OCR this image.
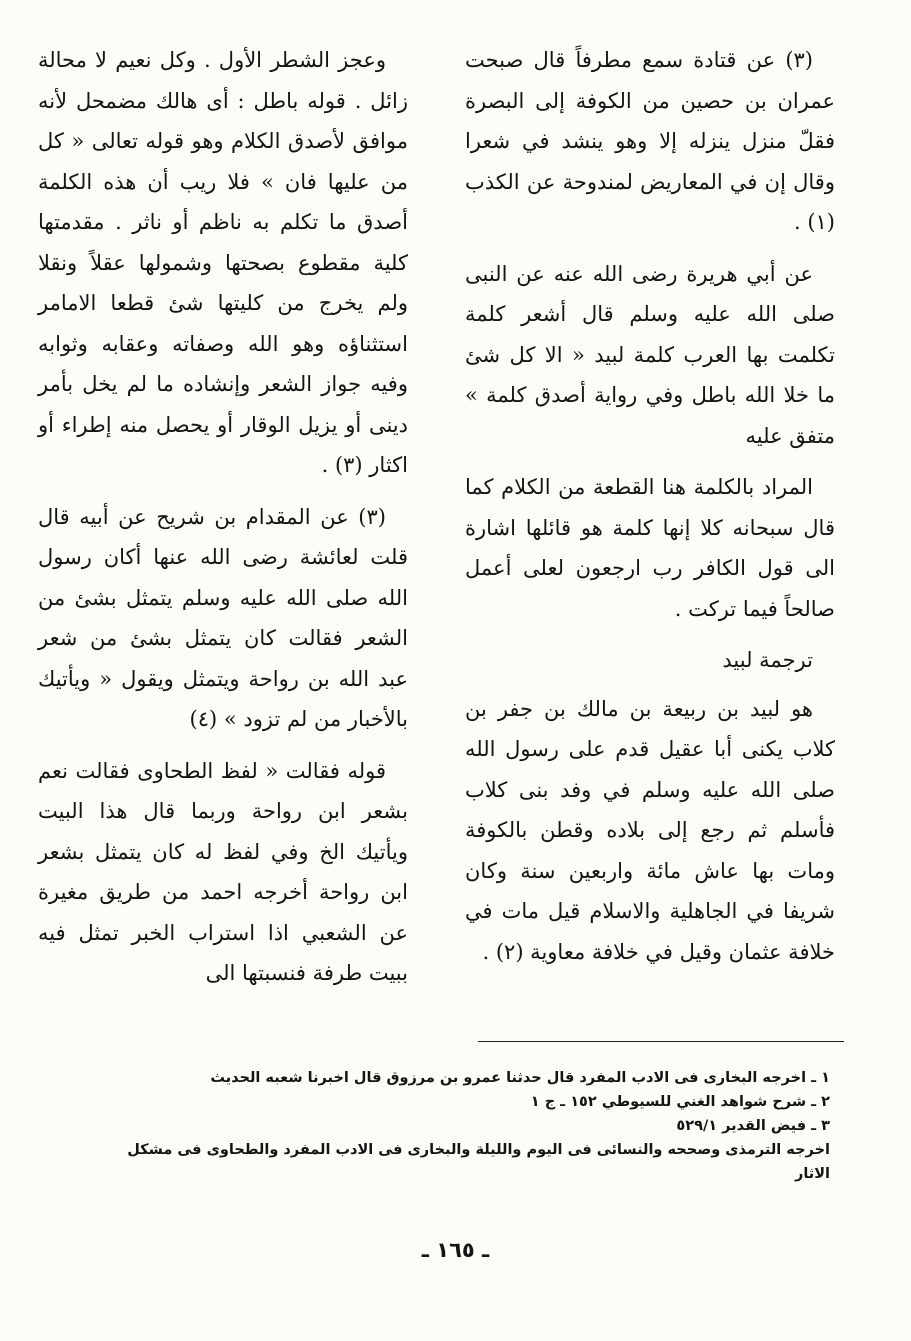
(٣) عن قتادة سمع مطرفاً قال صبحت عمران بن حصين من الكوفة إلى البصرة فقلّ منزل ينزله إلا وهو ينشد في شعرا وقال إن في المعاريض لمندوحة عن الكذب (١) .

عن أبي هريرة رضى الله عنه عن النبى صلى الله عليه وسلم قال أشعر كلمة تكلمت بها العرب كلمة لبيد « الا كل شئ ما خلا الله باطل وفي رواية أصدق كلمة » متفق عليه

المراد بالكلمة هنا القطعة من الكلام كما قال سبحانه كلا إنها كلمة هو قائلها اشارة الى قول الكافر رب ارجعون لعلى أعمل صالحاً فيما تركت .

ترجمة لبيد

هو لبيد بن ربيعة بن مالك بن جفر بن كلاب يكنى أبا عقيل قدم على رسول الله صلى الله عليه وسلم في وفد بنى كلاب فأسلم ثم رجع إلى بلاده وقطن بالكوفة ومات بها عاش مائة واربعين سنة وكان شريفا في الجاهلية والاسلام قيل مات في خلافة عثمان وقيل في خلافة معاوية (٢) .

وعجز الشطر الأول . وكل نعيم لا محالة زائل . قوله باطل : أى هالك مضمحل لأنه موافق لأصدق الكلام وهو قوله تعالى « كل من عليها فان » فلا ريب أن هذه الكلمة أصدق ما تكلم به ناظم أو ناثر . مقدمتها كلية مقطوع بصحتها وشمولها عقلاً ونقلا ولم يخرج من كليتها شئ قطعا الامامر استثناؤه وهو الله وصفاته وعقابه وثوابه وفيه جواز الشعر وإنشاده ما لم يخل بأمر دينى أو يزيل الوقار أو يحصل منه إطراء أو اكثار (٣) .

(٣) عن المقدام بن شريح عن أبيه قال قلت لعائشة رضى الله عنها أكان رسول الله صلى الله عليه وسلم يتمثل بشئ من الشعر فقالت كان يتمثل بشئ من شعر عبد الله بن رواحة ويتمثل ويقول « ويأتيك بالأخبار من لم تزود » (٤)

قوله فقالت « لفظ الطحاوى فقالت نعم بشعر ابن رواحة وربما قال هذا البيت ويأتيك الخ وفي لفظ له كان يتمثل بشعر ابن رواحة أخرجه احمد من طريق مغيرة عن الشعبي اذا استراب الخبر تمثل فيه ببيت طرفة فنسبتها الى

١ ـ اخرجه البخارى فى الادب المفرد قال حدثنا عمرو بن مرزوق قال اخبرنا شعبه الحديث
٢ ـ شرح شواهد الغني للسيوطي ١٥٢ ـ ج ١
٣ ـ فيض القدير ٥٢٩/١
اخرجه الترمذى وصححه والنسائى فى اليوم والليلة والبخارى فى الادب المفرد والطحاوى فى مشكل الاثار
ـ ١٦٥ ـ
